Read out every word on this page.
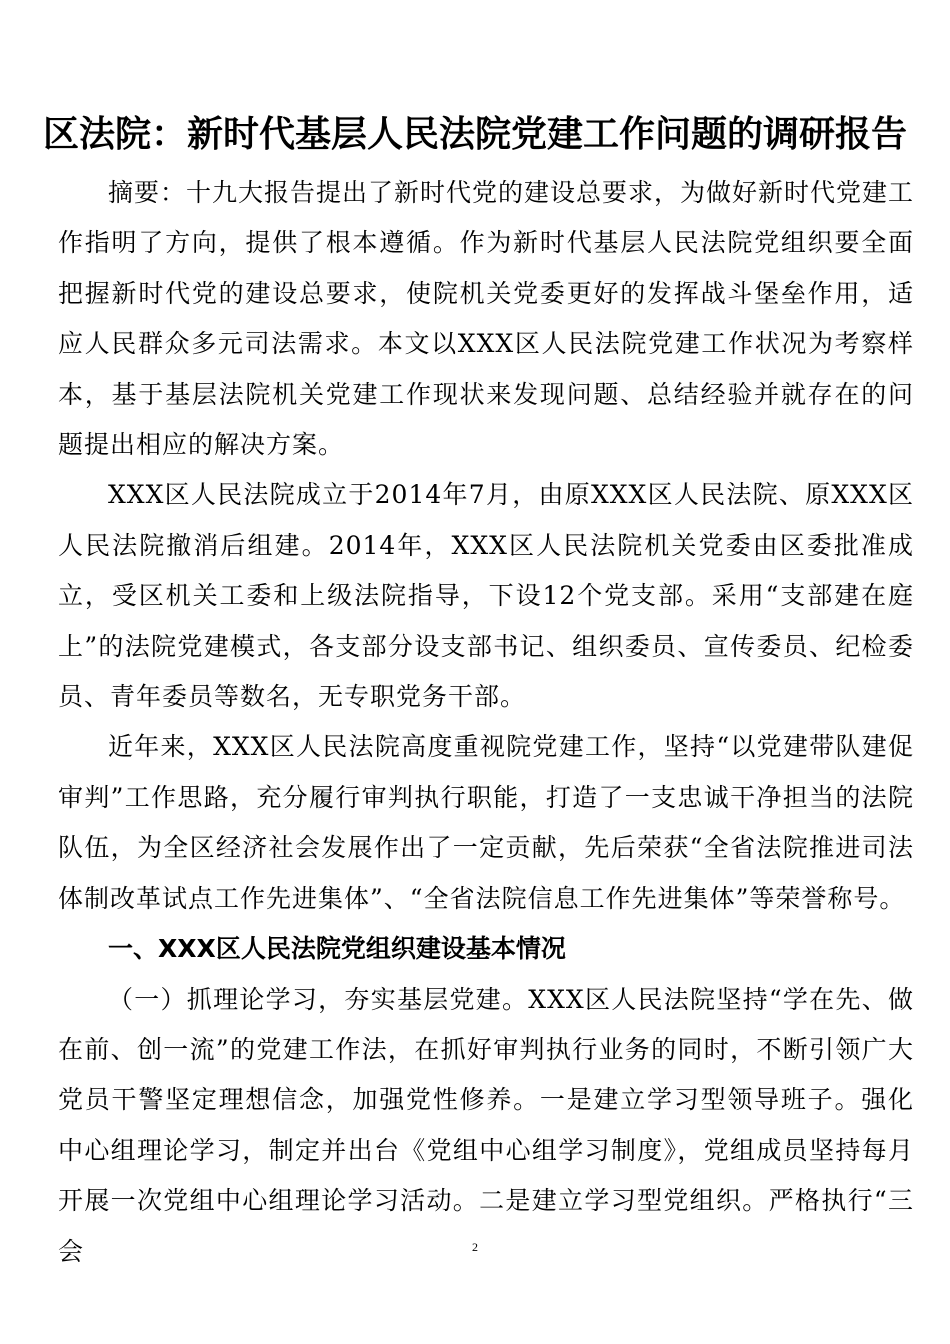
区法院：新时代基层人民法院党建工作问题的调研报告

摘要：十九大报告提出了新时代党的建设总要求，为做好新时代党建工作指明了方向，提供了根本遵循。作为新时代基层人民法院党组织要全面把握新时代党的建设总要求，使院机关党委更好的发挥战斗堡垒作用，适应人民群众多元司法需求。本文以XXX区人民法院党建工作状况为考察样本，基于基层法院机关党建工作现状来发现问题、总结经验并就存在的问题提出相应的解决方案。

XXX区人民法院成立于2014年7月，由原XXX区人民法院、原XXX区人民法院撤消后组建。2014年，XXX区人民法院机关党委由区委批准成立，受区机关工委和上级法院指导，下设12个党支部。采用“支部建在庭上”的法院党建模式，各支部分设支部书记、组织委员、宣传委员、纪检委员、青年委员等数名，无专职党务干部。

近年来，XXX区人民法院高度重视院党建工作，坚持“以党建带队建促审判”工作思路，充分履行审判执行职能，打造了一支忠诚干净担当的法院队伍，为全区经济社会发展作出了一定贡献，先后荣获“全省法院推进司法体制改革试点工作先进集体”、“全省法院信息工作先进集体”等荣誉称号。

一、XXX区人民法院党组织建设基本情况

（一）抓理论学习，夯实基层党建。XXX区人民法院坚持“学在先、做在前、创一流”的党建工作法，在抓好审判执行业务的同时，不断引领广大党员干警坚定理想信念，加强党性修养。一是建立学习型领导班子。强化中心组理论学习，制定并出台《党组中心组学习制度》，党组成员坚持每月开展一次党组中心组理论学习活动。二是建立学习型党组织。严格执行“三会	2
